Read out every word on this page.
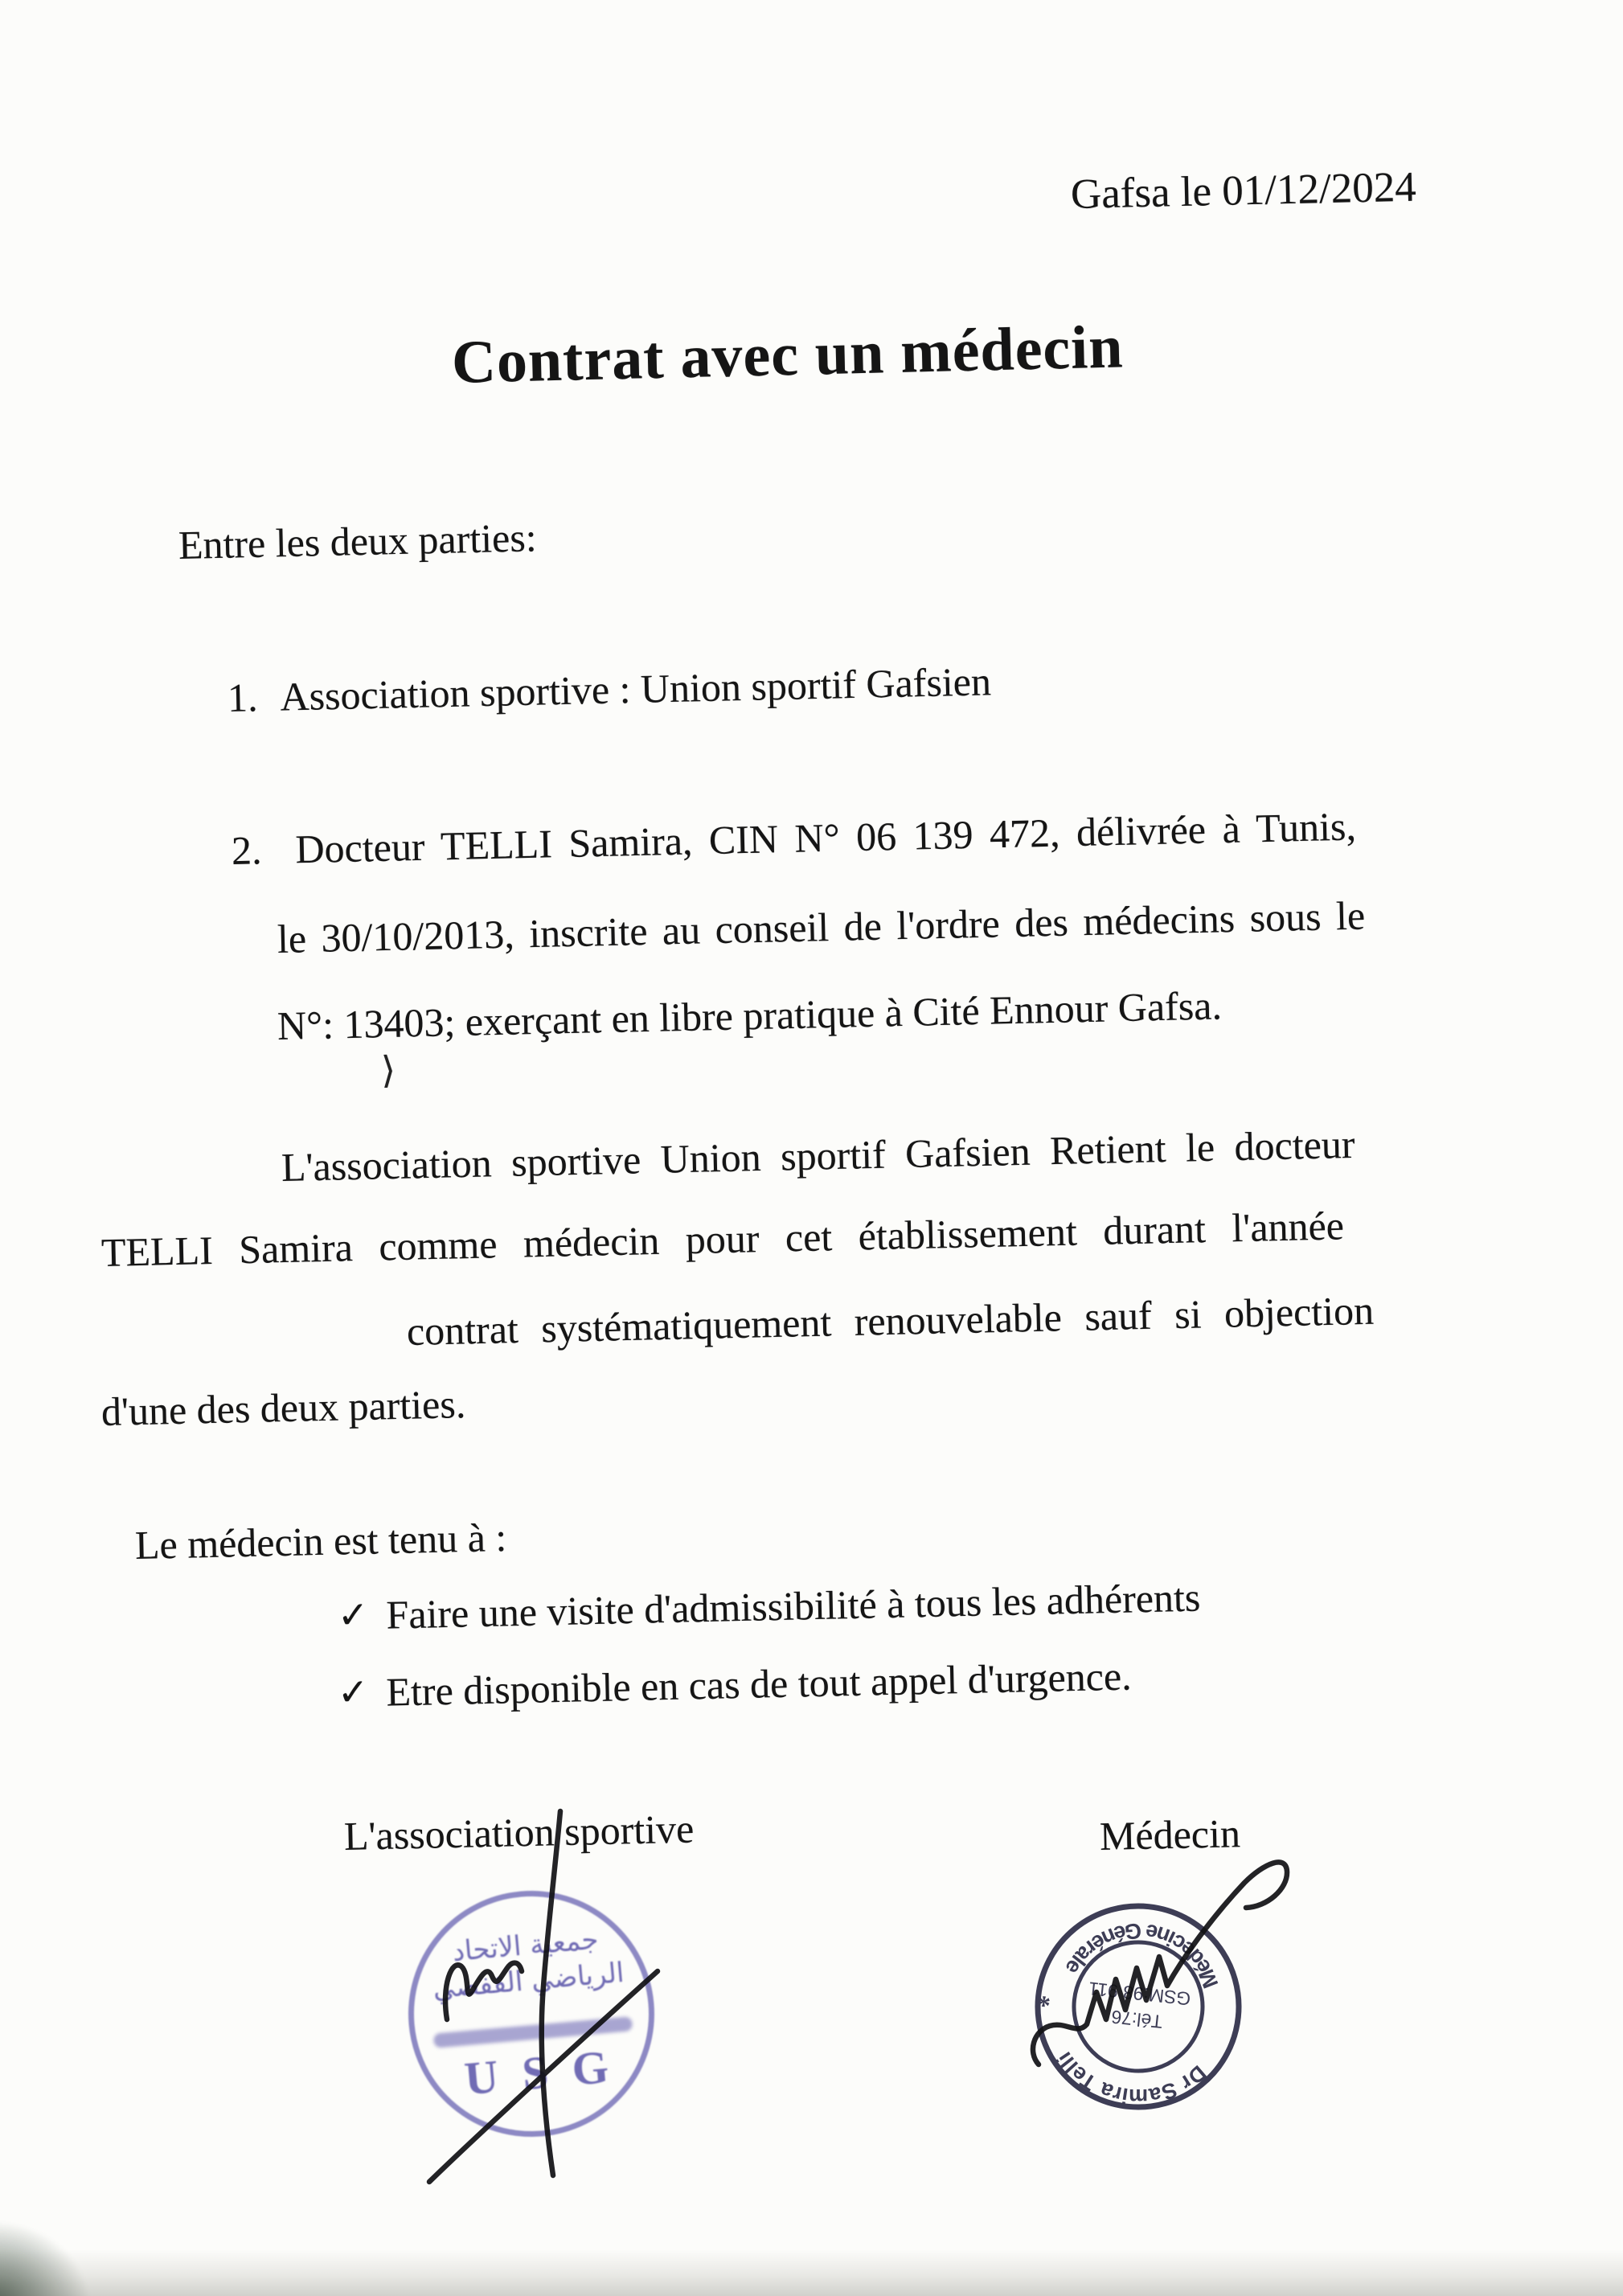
Gafsa le 01/12/2024
Contrat avec un médecin
Entre les deux parties:
1. Association sportive : Union sportif Gafsien
2. Docteur TELLI Samira, CIN N° 06 139 472, délivrée à Tunis,
le 30/10/2013, inscrite au conseil de l'ordre des médecins sous le
N°: 13403; exerçant en libre pratique à Cité Ennour Gafsa.
⟩
L'association sportive Union sportif Gafsien Retient le docteur
TELLI Samira comme médecin pour cet établissement durant l'année
contrat systématiquement renouvelable sauf si objection
d'une des deux parties.
Le médecin est tenu à :
✓ Faire une visite d'admissibilité à tous les adhérents
✓ Etre disponible en cas de tout appel d'urgence.
L'association sportive	Médecin
جمعية الاتحاد
الرياضي القفصي
USG	Dr Samira Telli
Médecine Générale
*
Tél:76
GSM:98 911
